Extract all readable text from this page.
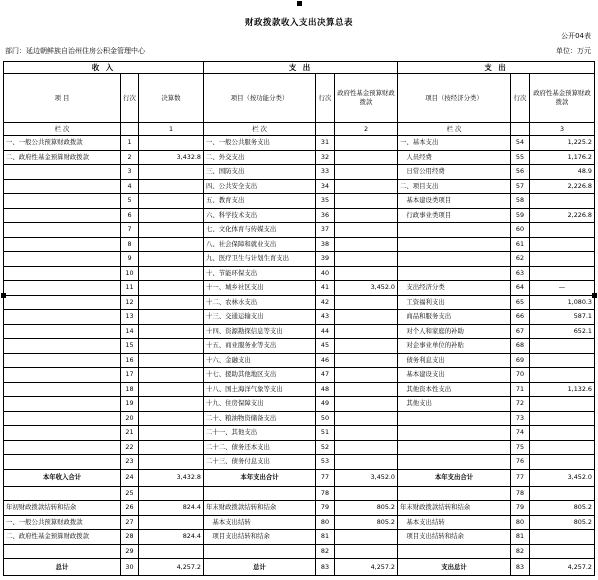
财政拨款收入支出决算总表
公开04表
部门：延边朝鲜族自治州住房公积金管理中心	单位：万元
收 入			支 出			支 出		
项 目	行次	决算数	项目（按功能分类）	行次	政府性基金预算财政拨款	项目（按经济分类）	行次	政府性基金预算财政拨款
栏 次		1	栏 次		2	栏 次		3
一、一般公共预算财政拨款	1		一、一般公共服务支出	31		一、基本支出	54	1,225.2
二、政府性基金预算财政拨款	2	3,432.8	二、外交支出	32		　人员经费	55	1,176.2
	3		三、国防支出	33		　日常公用经费	56	48.9
	4		四、公共安全支出	34		二、项目支出	57	2,226.8
	5		五、教育支出	35		　基本建设类项目	58	
	6		六、科学技术支出	36		　行政事业类项目	59	2,226.8
	7		七、文化体育与传媒支出	37			60	
	8		八、社会保障和就业支出	38			61	
	9		九、医疗卫生与计划生育支出	39			62	
	10		十、节能环保支出	40			63	
	11		十一、城乡社区支出	41	3,452.0	　支出经济分类	64	—
	12		十二、农林水支出	42		　工资福利支出	65	1,080.3
	13		十三、交通运输支出	43		　商品和服务支出	66	587.1
	14		十四、资源勘探信息等支出	44		　对个人和家庭的补助	67	652.1
	15		十五、商业服务业等支出	45		　对企事业单位的补贴	68	
	16		十六、金融支出	46		　债务利息支出	69	
	17		十七、援助其他地区支出	47		　基本建设支出	70	
	18		十八、国土海洋气象等支出	48		　其他资本性支出	71	1,132.6
	19		十九、住房保障支出	49		　其他支出	72	
	20		二十、粮油物资储备支出	50			73	
	21		二十一、其他支出	51			74	
	22		二十二、债务还本支出	52			75	
	23		二十三、债务付息支出	53			76	
本年收入合计	24	3,432.8	本年支出合计	77	3,452.0	本年支出合计	77	3,452.0
	25			78			78	
年初财政拨款结转和结余	26	824.4	年末财政拨款结转和结余	79	805.2	年末财政拨款结转和结余	79	805.2
一、一般公共预算财政拨款	27		　基本支出结转	80	805.2	　基本支出结转	80	805.2
二、政府性基金预算财政拨款	28	824.4	　项目支出结转和结余	81		　项目支出结转和结余	81	
	29			82			82	
总计	30	4,257.2	总计	83	4,257.2	支出总计	83	4,257.2
